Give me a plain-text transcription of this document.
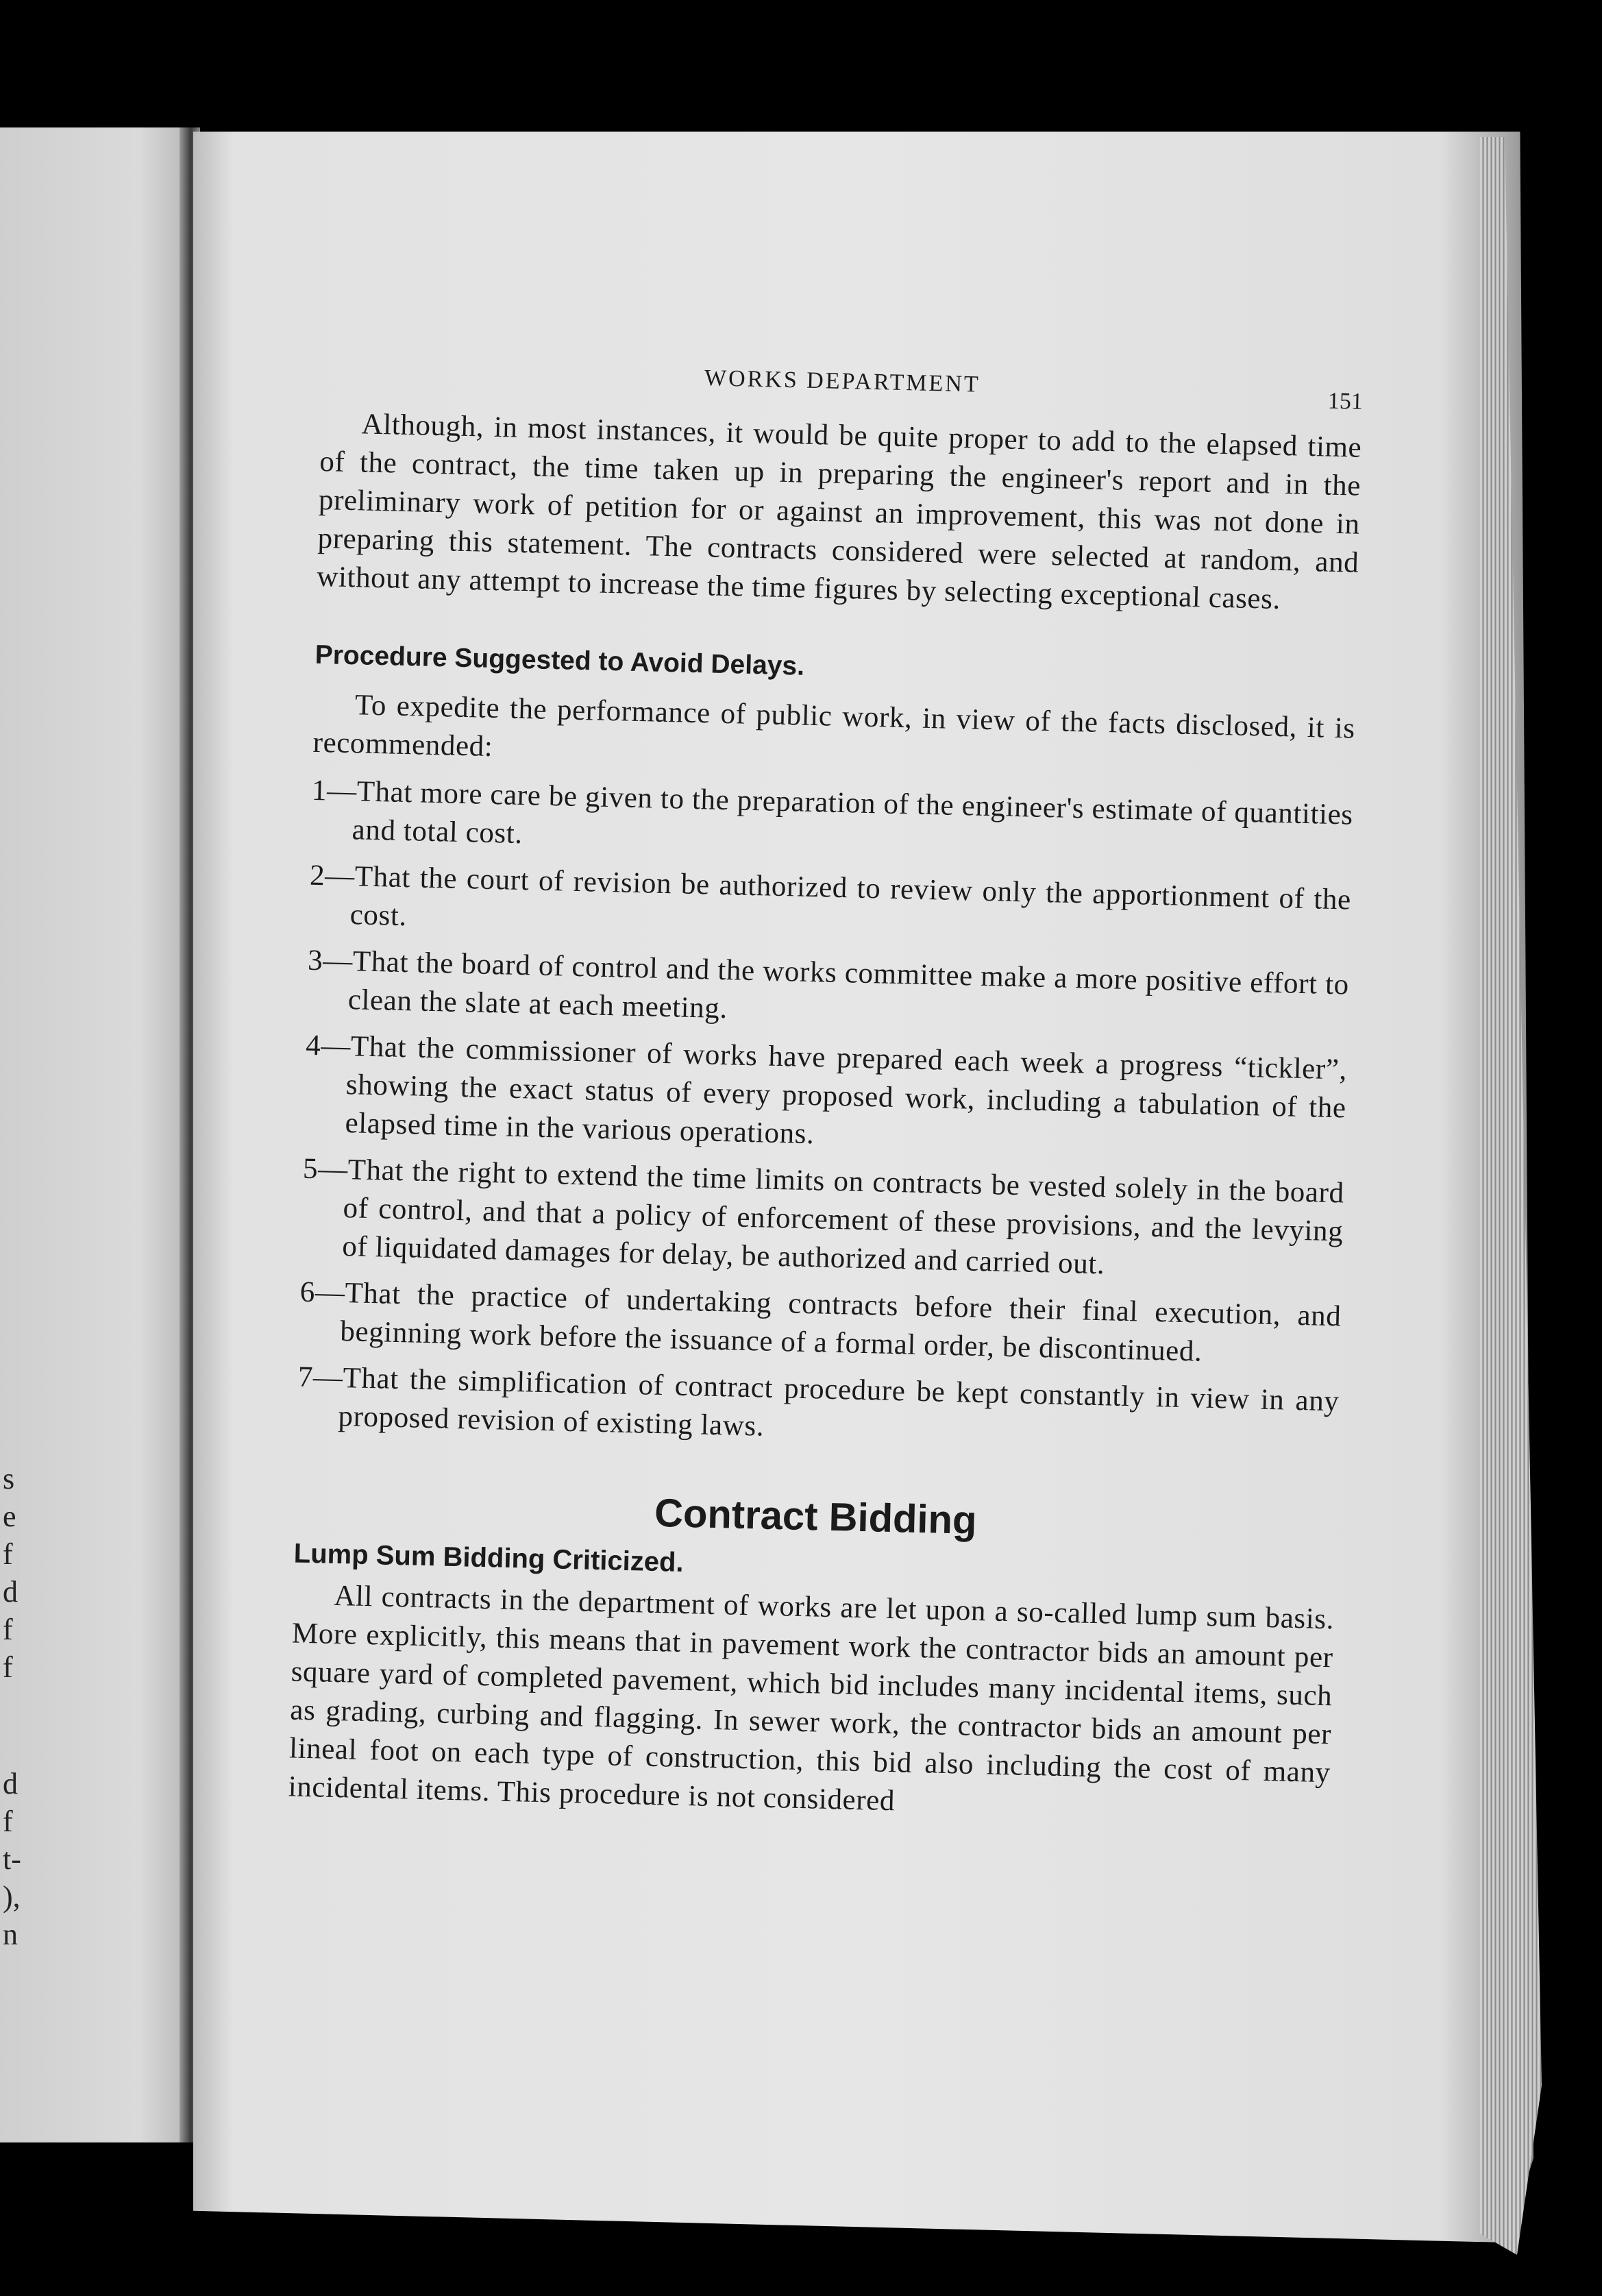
s
e
f
d
f
f
d
f
t-
),
n
WORKS DEPARTMENT
151

Although, in most instances, it would be quite proper to add to the elapsed time of the contract, the time taken up in preparing the engineer's report and in the preliminary work of petition for or against an improvement, this was not done in preparing this statement. The contracts considered were selected at random, and without any attempt to increase the time figures by selecting exceptional cases.

Procedure Suggested to Avoid Delays.

To expedite the performance of public work, in view of the facts disclosed, it is recommended:

1—That more care be given to the preparation of the engineer's estimate of quantities and total cost.
2—That the court of revision be authorized to review only the apportionment of the cost.
3—That the board of control and the works committee make a more positive effort to clean the slate at each meeting.
4—That the commissioner of works have prepared each week a progress “tickler”, showing the exact status of every proposed work, including a tabulation of the elapsed time in the various operations.
5—That the right to extend the time limits on contracts be vested solely in the board of control, and that a policy of enforcement of these provisions, and the levying of liquidated damages for delay, be authorized and carried out.
6—That the practice of undertaking contracts before their final execution, and beginning work before the issuance of a formal order, be discontinued.
7—That the simplification of contract procedure be kept constantly in view in any proposed revision of existing laws.
Contract Bidding
Lump Sum Bidding Criticized.

All contracts in the department of works are let upon a so-called lump sum basis. More explicitly, this means that in pavement work the contractor bids an amount per square yard of completed pavement, which bid includes many incidental items, such as grading, curbing and flagging. In sewer work, the contractor bids an amount per lineal foot on each type of construction, this bid also including the cost of many incidental items. This procedure is not considered
